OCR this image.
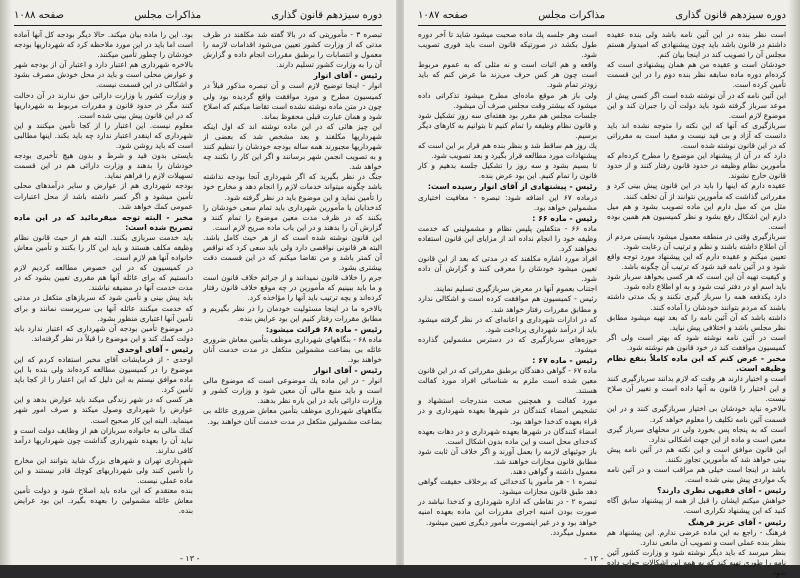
دوره سیزدهم قانون گذاری
مذاکرات مجلس
صفحه ۱۰۸۸

تبصره ۳ - مأموریتی که در بالا گفته شد مکلفند در ظرف مدتی که از وزارت کشور تعیین می‌شود اقدامات لازمه را معمول و انتصابات را برطبق مقررات انجام داده و گزارش آن را به وزارت کشور تسلیم دارند.

رئیس - آقای انوار

انوار - اینجا توضیح لازم است و آن تبصره مذکور قبلاً در کمیسیون مطرح و مورد موافقت واقع گردیده بود ولی چون در متن ماده نوشته نشده است تقاضا میکنم که اصلاح شود و همان عبارت قبلی محفوظ بماند.

این چیز هائی که در این ماده نوشته اند که اول اینکه شهرداریها مکلفند و بعد مشخص شد که بعضی از شهرداریها مجبورند همه ساله بودجه خودشان را تنظیم کنند و به تصویب انجمن شهر برسانند و اگر این کار را نکنند چه خواهد شد.

جنگ در نظر بگیرید که اگر شهرداری آنجا بودجه نداشته باشد چگونه میتواند خدمات لازم را انجام دهد و مخارج خود را تأمین نماید و این موضوع باید در نظر گرفته شود.

کدخدایان یا مأمورین شهرداری باید تمام سعی خودشان را بکنند که در ظرف مدت معین موضوع را تمام کنند و گزارش آن را بدهند و در این باب ماده صریح لازم است.

این قانون نوشته شده است که از هر حیث کامل باشد. البته هر قانونی نواقصی دارد ولی باید سعی کرد که نواقص آن کمتر باشد و من تقاضا میکنم که در این قسمت دقت بیشتری بشود.

جرم را خلاف قانون نمیدانند و از جرائم خلاف قانون است و ما باید ببینیم که مأمورین در چه موقع خلاف قانون رفتار کرده‌اند و بچه ترتیب باید آنها را مؤاخذه کرد.

بالاخره ما در اینجا مسئولیت خودمان را در نظر بگیریم و مطابق مقررات رفتار کنیم این بود عرایض بنده.

رئیس - ماده ۶۸ قرائت میشود:

ماده ۶۸ - بنگاههای شهرداری موظف بتأمین معاش ضروری عائله بی بضاعت مشمولین متکفل در مدت خدمت آنان خواهند بود.

رئیس - آقای انوار

انوار - در این ماده یك موضوعی است که موضوع مالی است و باید منبع مالی آن معین شود و وزارت کشور و وزارت دارائی باید در این باره نظر بدهند.

بنگاههای شهرداری موظف بتأمین معاش ضروری عائله بی بضاعت مشمولین متکفل در مدت خدمت آنان خواهند بود.

بود. این را ماده بیان میکند. حالا دیگر بودجه کل آنها آماده است اما باید در این مورد ملاحظه کرد که شهرداریها بودجه خودشان را چطور تأمین میکنند.

بالاخره شهرداری هم اعتبار دارد و اعتبار آن از بودجه شهر و عوارض محلی است و باید در محل خودش مصرف بشود و اشکالی در این قسمت نیست.

و وزارت کشور یا وزارت دارائی حق ندارند در آن دخالت کنند مگر در حدود قانون و مقررات مربوط به شهرداریها که در این قانون پیش بینی شده است.

معلوم نیست. این اعتبار را از کجا تأمین میکنند و این شهرداری که اینقدر اعتبار ندارد چه باید بکند. اینها مطالبی است که باید روشن شود.

بایستی بدون قید و شرط و بدون هیچ تأخیری بودجه خودشان را بدهند و وزارت دارائی هم در این قسمت تسهیلات لازم را فراهم نماید.

بودجه شهرداری هم از عوارض و سایر درآمدهای محلی تأمین میشود و اگر کسر داشته باشد از محل اعتبارات عمومی کمك خواهد شد.

مخبر - البته توجه میفرمائید که در این ماده تصریح شده است:

باید خدمت سربازی بکنند. البته هم از حیث قانون نظام وظیفه مکلف هستند و باید این کار را بکنند و تأمین معاش خانواده آنها هم لازم است.

در کمیسیون که در این خصوص مطالعه کردیم لازم دانستیم که برای عائله آنها هم مقرری تعیین بشود که در مدت خدمت آنها در مضیقه نباشند.

باید پیش بینی و تأمین شود که سربازهای متکفل در مدتی که خدمت میکنند عائله آنها بی سرپرست نمانند و برای تأمین آنها اعتباری منظور بشود.

در موضوع تأمین بودجه آن شهرداری که اعتبار ندارد باید دولت کمك کند و این موضوع را قبلاً در نظر گرفته‌اند.

رئیس - آقای اوحدی

اوحدی - از فرمایشات آقای مخبر استفاده کردم که این موضوع را در کمیسیون مطالعه کرده‌اند ولی بنده با این ماده موافق نیستم به این دلیل که این اعتبار را از کجا باید تأمین کرد.

هر کسی که در شهر زندگی میکند باید عوارض بدهد و این عوارض را شهرداری وصول میکند و صرف امور شهر مینماید. البته این کار صحیح است.

کمك مالی به خانواده سربازان هم از وظایف دولت است و نباید آن را بعهده شهرداری گذاشت چون شهرداریها درآمد کافی ندارند.

شهرداری تهران و شهرهای بزرگ شاید بتوانند این مخارج را تأمین کنند ولی شهرداریهای کوچك قادر نیستند و این ماده عملی نیست.

بنده معتقدم که این ماده باید اصلاح شود و دولت تأمین معاش عائله مشمولین را بعهده بگیرد. این بود عرایض بنده.

- ۱۳ -
دوره سیزدهم قانون گذاری
مذاکرات مجلس
صفحه ۱۰۸۷

است نظر بنده در این آئین نامه باشد ولی بنده عقیده داشتم در قانون باشد باید چون پیشنهادی که امیدوار هستم مجلس آن را تصویب کند در اینجا بیان کنم.

خودشان است و عقیده من هم همان پیشنهادی است که کرده‌ام دوره ماده سابقه نظر بنده دوم را در این قسمت تأمین کرده است.

این آئین نامه که در آن نوشته شده است اگر کسی پیش از موعد سرباز گرفته شود باید دولت آن را جبران کند و این موضوع لازم است.

سربازگیری که آنها که این نکته را متوجه نشده اند باید دانست که آزاد و بی قید نیست و مقید است به مقرراتی که در این قانون نوشته شده است.

دارد که در آن از پیشنهاد این موضوع را مطرح کرده‌ام که مأمورین نظام وظیفه در حدود قانون رفتار کنند و از حدود قانون خارج نشوند.

عقیده دارم که اینها را باید در این قانون پیش بینی کرد و مقرراتی گذاشت که مأمورین نتوانند از آن تخلف کنند.

مثل من که میل دارم این ماده تصویب بشود و هم میل دارم این اشکال رفع بشود و نظر کمیسیون هم همین بوده است.

سربازگیری وقتی در منطقه معمول میشود بایستی مردم از آن اطلاع داشته باشند و نظم و ترتیب آن رعایت شود.

تعیین میکنم و عقیده دارم که این پیشنهاد مورد توجه واقع شود و در آئین نامه قید شود که ترتیب آن چگونه باشد.

و کیفیت تهیه آن این است که هر کسی بخواهد سرباز شود باید اسم او در دفتر ثبت شود و به او اطلاع داده شود.

دارد یکدفعه همه را سرباز گیری نکنند و یک مدتی داشته باشند که مردم بتوانند خودشان را آماده کنند.

داشته باشد که آن آئین نامه را که بعد تهیه میشود مطابق نظر مجلس باشد و اختلافی پیش نیاید.

است در آئین نامه نوشته شود که بهتر است ولی اگر کمیسیون موافقت کند در خود قانون هم نوشته شود.

مخبر - عرض کنم که این ماده کاملاً بنفع نظام وظیفه است.

است و اختیار دارند هر وقت که لازم بدانند سربازگیری کنند و این اختیار را قانون به آنها داده است و تغییر آن صلاح نیست.

بالاخره نباید خودشان بی اختیار سربازگیری کنند و در این قسمت آئین نامه تکلیف را معلوم خواهد کرد.

است که به پنجاه پس بخورد ولی در محلهای سرباز گیری معین است و ماده از این جهت اشکالی ندارد.

این قانون موافق است و این نکته هم در آئین نامه پیش بینی خواهد شد که مأمورین تجاوز نکنند.

باشد در اینجا است خیلی هم مراقب است و در آئین نامه یک مواردی پیش بینی شده است.

رئیس - آقای فقیهی نظری دارند؟

خواهش میکنم ایشان را قبل از همه از پیشنهاد سابق آگاه کنید که این پیشنهاد تکراری است.

رئیس - آقای عزیز فرهنگ

فرهنگ - راجع به این ماده عرضی ندارم. این پیشنهاد هم بنظر بنده عملی است و تصویب آن مانعی ندارد.

بنظر میرسد که باید دیگر نوشته شود و وزارت کشور آئین نامه را طوری تهیه کند که به همه این اشکالات جواب داده شود.

است وهر جلسه یك ماده صحبت میشود شاید تا آخر دوره طول بکشد در صورتیکه قانون است باید فوری تصویب شود.

واقعه و هم اثبات است و نه مثلی که به عموم مربوط است چون هر کس حرف می‌زند ما عرض کنم که باید زودتر تمام شود.

ولی باز هر موقع ماده‌ای مطرح میشود تذکراتی داده میشود که بیشتر وقت مجلس صرف آن میشود.

جلسات مجلس هم مقرر بود هفته‌ای سه روز تشکیل شود و قانون نظام وظیفه را تمام کنیم تا بتوانیم به کارهای دیگر برسیم.

یك روز هم ساقط شد و بنظر بنده هم قرار بر این است که پیشنهادات مورد مطالعه قرار بگیرد و بعد تصویب شود.

تا بسیم بشود و سه روز را تشکیل جلسه بدهیم و کار قانون را تمام کنیم. این بود عرض بنده.

رئیس - پیشنهادی از آقای انوار رسیده است:

درماده ۶۷ این اضافه شود: تبصره - معافیت اختیاری مشمولین خواهد بود.

رئیس - ماده ۶۶ :

ماده ۶۶ - متکفلین پلیس نظام و مشمولینی که خدمت وظیفه خود را انجام نداده اند از مزایای این قانون استفاده نخواهند کرد.

افراد مورد اشاره مکلفند که در مدتی که بعد از این قانون تعیین میشود خودشان را معرفی کنند و گزارش آن داده شود.

اجتناب بعموم آنها در معرض سربازگیری تسلیم نمایند.

رئیس - کمیسیون هم موافقت کرده است و اشکالی ندارد و مطابق مقررات رفتار خواهد شد.

که در ادارات شهرداری و اعانه‌ای که در نظر گرفته میشود باید از درآمد شهرداری پرداخت شود.

حوزه‌های سربازگیری که در دسترس مشمولین گذارده میشود.

رئیس - ماده ۶۷ :

ماده ۶۷ - گواهی دهندگان برطبق مقرراتی که در این قانون معین شده است ملزم به شناسائی افراد مورد کفالت هستند.

مورد کفالت و همچنین صحت مندرجات استشهاد و تشخیص امضاء کنندگان در شهرها بعهده شهرداری و در قراء بعهده کدخدا خواهد بود.

امضاء کنندگان در شهرها بعهده شهرداری و در دهات بعهده کدخدای محل است و این ماده بدون اشکال است.

باز جوئیهای لازمه را بعمل آورند و اگر خلاف آن ثابت شود مطابق قانون مجازات خواهند شد.

معمول داشته و گواهی دهند.

تبصره ۱ - هر مأمور یا کدخدائی که برخلاف حقیقت گواهی دهد طبق قانون مجازات میشود.

تبصره ۲ - در نقاطی که اداره شهرداری و کدخدا نباشد در صورت بودن امنیه اجرای مقررات این ماده بعهده امنیه خواهد بود و در غیر اینصورت مأمور دیگری تعیین میشود.

معمول میگردد.

- ۱۲ -
